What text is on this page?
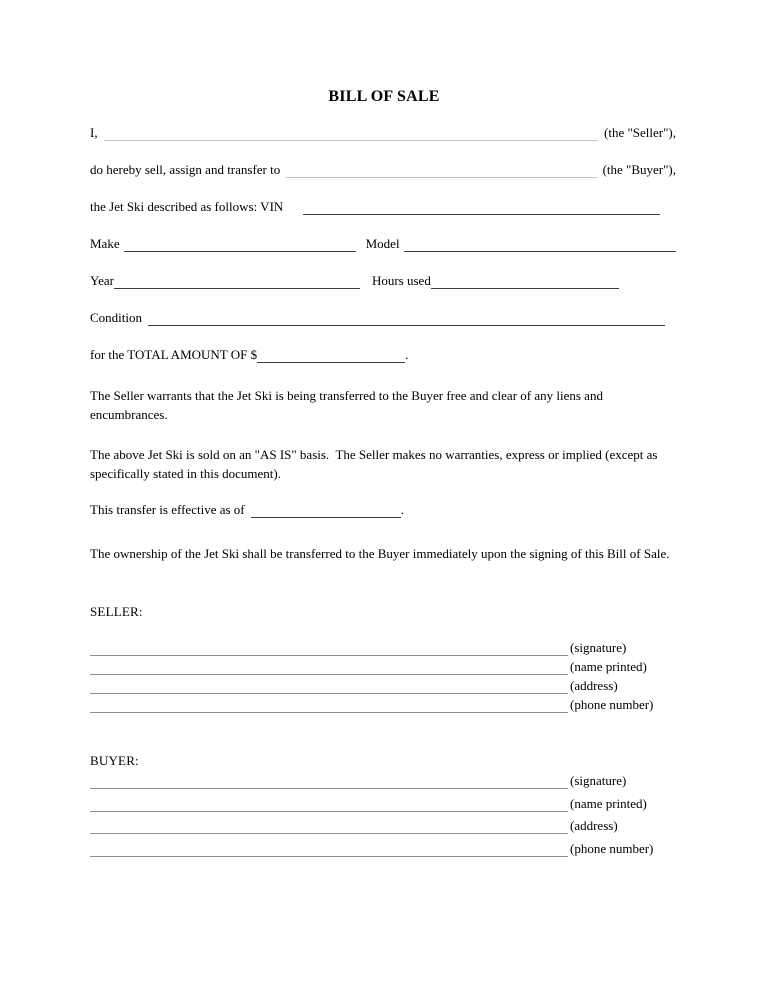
BILL OF SALE
I,	(the "Seller"),
do hereby sell, assign and transfer to	(the "Buyer"),
the Jet Ski described as follows: VIN
Make	Model
Year	Hours used
Condition
for the TOTAL AMOUNT OF $	.
The Seller warrants that the Jet Ski is being transferred to the Buyer free and clear of any liens and encumbrances.
The above Jet Ski is sold on an "AS IS" basis.  The Seller makes no warranties, express or implied (except as specifically stated in this document).
This transfer is effective as of	.
The ownership of the Jet Ski shall be transferred to the Buyer immediately upon the signing of this Bill of Sale.
SELLER:
(signature)
(name printed)
(address)
(phone number)
BUYER:
(signature)
(name printed)
(address)
(phone number)
